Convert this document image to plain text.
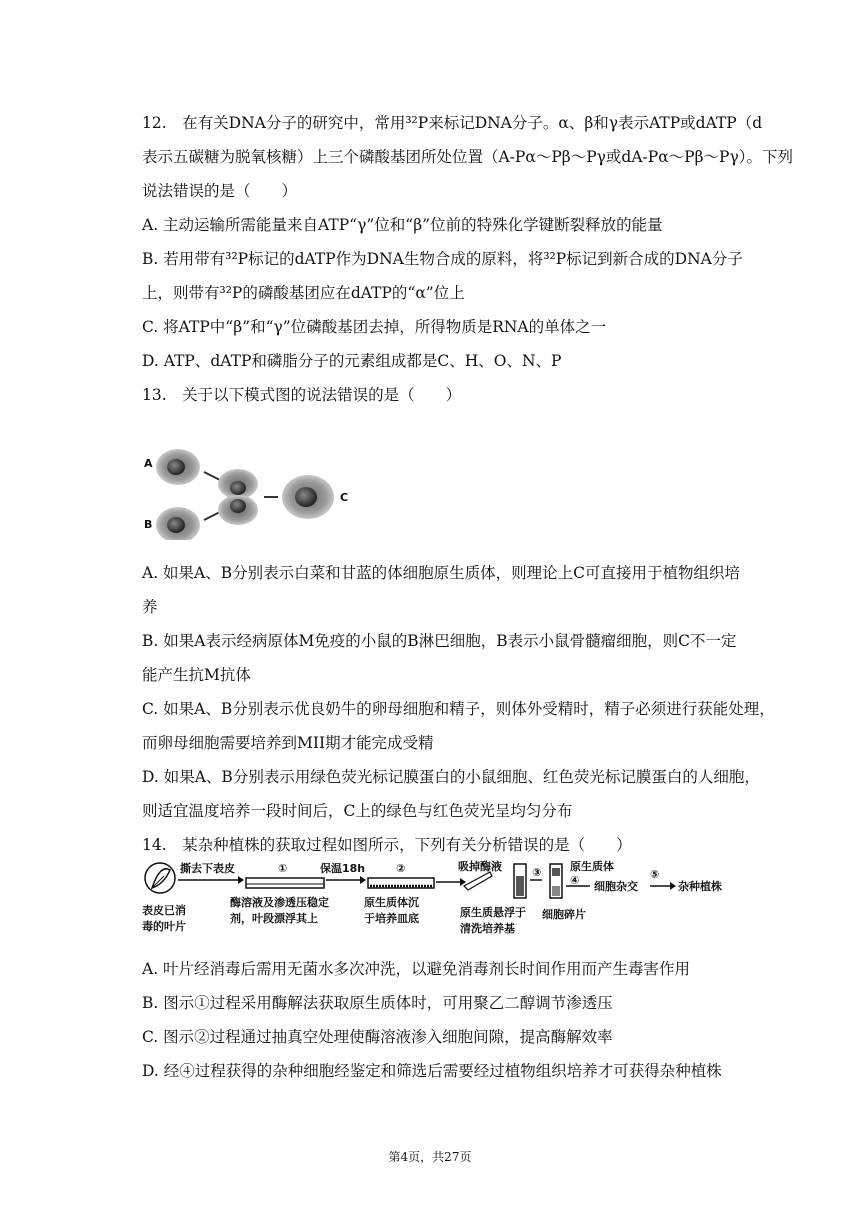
12.　在有关DNA分子的研究中，常用³²P来标记DNA分子。α、β和γ表示ATP或dATP（d
表示五碳糖为脱氧核糖）上三个磷酸基团所处位置（A-Pα～Pβ～Pγ或dA-Pα～Pβ～Pγ）。下列
说法错误的是（　　）
A. 主动运输所需能量来自ATP“γ”位和“β”位前的特殊化学键断裂释放的能量
B. 若用带有³²P标记的dATP作为DNA生物合成的原料，将³²P标记到新合成的DNA分子
上，则带有³²P的磷酸基团应在dATP的“α”位上
C. 将ATP中“β”和“γ”位磷酸基团去掉，所得物质是RNA的单体之一
D. ATP、dATP和磷脂分子的元素组成都是C、H、O、N、P
13.　关于以下模式图的说法错误的是（　　）
A
B
C
A. 如果A、B分别表示白菜和甘蓝的体细胞原生质体，则理论上C可直接用于植物组织培
养
B. 如果A表示经病原体M免疫的小鼠的B淋巴细胞，B表示小鼠骨髓瘤细胞，则C不一定
能产生抗M抗体
C. 如果A、B分别表示优良奶牛的卵母细胞和精子，则体外受精时，精子必须进行获能处理，
而卵母细胞需要培养到MII期才能完成受精
D. 如果A、B分别表示用绿色荧光标记膜蛋白的小鼠细胞、红色荧光标记膜蛋白的人细胞，
则适宜温度培养一段时间后，C上的绿色与红色荧光呈均匀分布
14.　某杂种植株的获取过程如图所示，下列有关分析错误的是（　　）
表皮已消
毒的叶片
撕去下表皮	①
酶溶液及渗透压稳定
剂，叶段漂浮其上
保温18h	②
原生质体沉
于培养皿底
吸掉酶液
原生质悬浮于
清洗培养基
③
细胞碎片
原生质体
④ 细胞杂交
⑤
杂种植株
A. 叶片经消毒后需用无菌水多次冲洗，以避免消毒剂长时间作用而产生毒害作用
B. 图示①过程采用酶解法获取原生质体时，可用聚乙二醇调节渗透压
C. 图示②过程通过抽真空处理使酶溶液渗入细胞间隙，提高酶解效率
D. 经④过程获得的杂种细胞经鉴定和筛选后需要经过植物组织培养才可获得杂种植株
第4页，共27页
